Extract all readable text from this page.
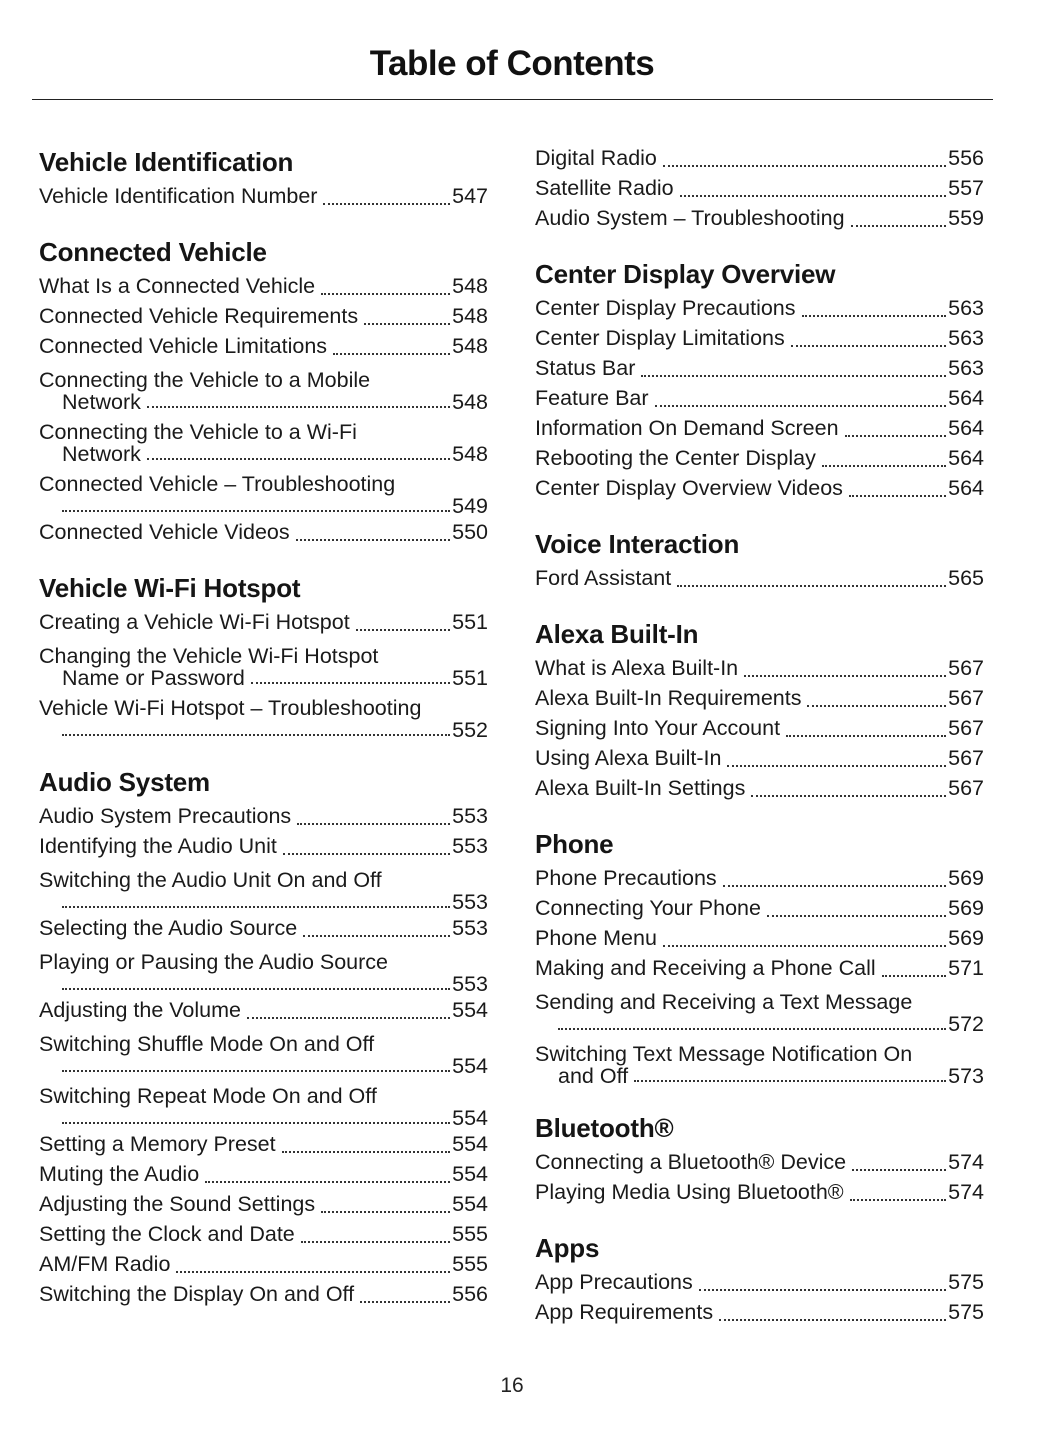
Table of Contents
Vehicle Identification
Vehicle Identification Number	547
Connected Vehicle
What Is a Connected Vehicle	548
Connected Vehicle Requirements	548
Connected Vehicle Limitations	548
Connecting the Vehicle to a Mobile
Network	548
Connecting the Vehicle to a Wi-Fi
Network	548
Connected Vehicle – Troubleshooting
549
Connected Vehicle Videos	550
Vehicle Wi-Fi Hotspot
Creating a Vehicle Wi-Fi Hotspot	551
Changing the Vehicle Wi-Fi Hotspot
Name or Password	551
Vehicle Wi-Fi Hotspot – Troubleshooting
552
Audio System
Audio System Precautions	553
Identifying the Audio Unit	553
Switching the Audio Unit On and Off
553
Selecting the Audio Source	553
Playing or Pausing the Audio Source
553
Adjusting the Volume	554
Switching Shuffle Mode On and Off
554
Switching Repeat Mode On and Off
554
Setting a Memory Preset	554
Muting the Audio	554
Adjusting the Sound Settings	554
Setting the Clock and Date	555
AM/FM Radio	555
Switching the Display On and Off	556
Digital Radio	556
Satellite Radio	557
Audio System – Troubleshooting	559
Center Display Overview
Center Display Precautions	563
Center Display Limitations	563
Status Bar	563
Feature Bar	564
Information On Demand Screen	564
Rebooting the Center Display	564
Center Display Overview Videos	564
Voice Interaction
Ford Assistant	565
Alexa Built-In
What is Alexa Built-In	567
Alexa Built-In Requirements	567
Signing Into Your Account	567
Using Alexa Built-In	567
Alexa Built-In Settings	567
Phone
Phone Precautions	569
Connecting Your Phone	569
Phone Menu	569
Making and Receiving a Phone Call	571
Sending and Receiving a Text Message
572
Switching Text Message Notification On
and Off	573
Bluetooth®
Connecting a Bluetooth® Device	574
Playing Media Using Bluetooth®	574
Apps
App Precautions	575
App Requirements	575
16
